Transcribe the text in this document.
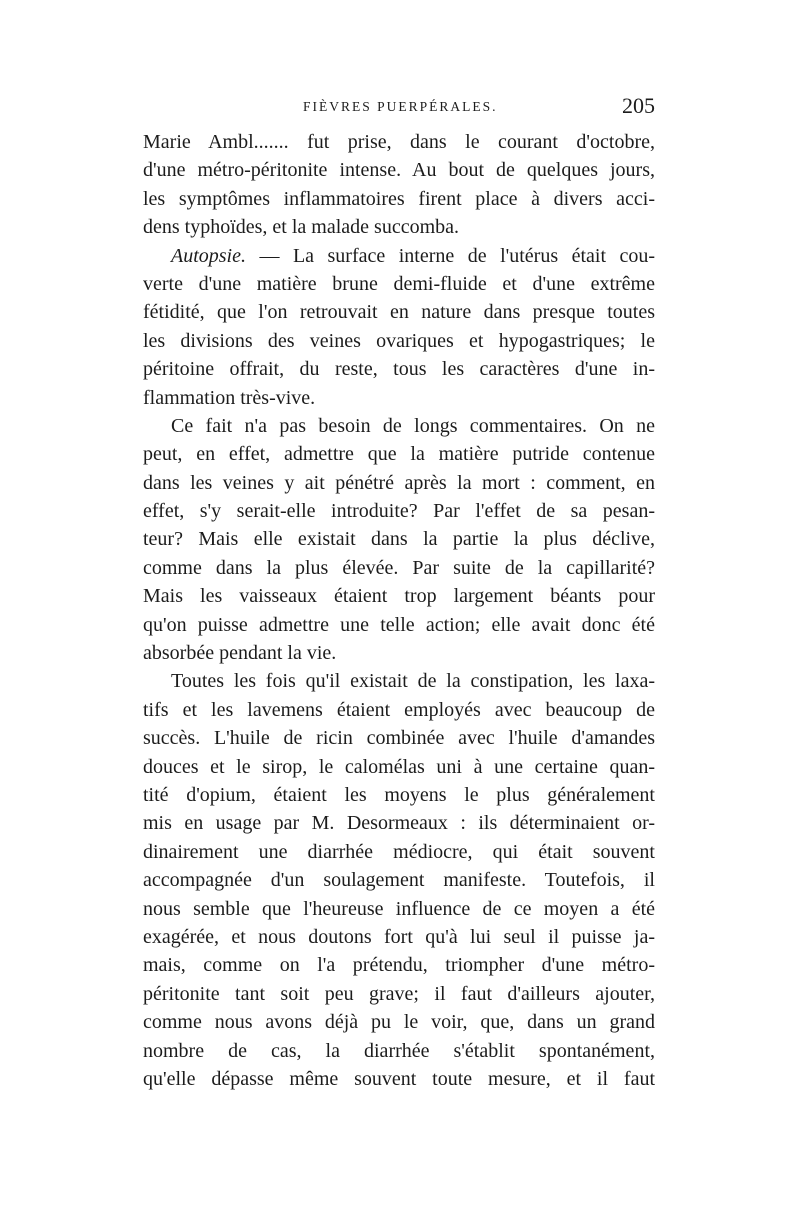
FIÈVRES PUERPÉRALES.	205
Marie Ambl....... fut prise, dans le courant d'octobre,
d'une métro-péritonite intense. Au bout de quelques jours,
les symptômes inflammatoires firent place à divers acci-
dens typhoïdes, et la malade succomba.
Autopsie. — La surface interne de l'utérus était cou-
verte d'une matière brune demi-fluide et d'une extrême
fétidité, que l'on retrouvait en nature dans presque toutes
les divisions des veines ovariques et hypogastriques; le
péritoine offrait, du reste, tous les caractères d'une in-
flammation très-vive.
Ce fait n'a pas besoin de longs commentaires. On ne
peut, en effet, admettre que la matière putride contenue
dans les veines y ait pénétré après la mort : comment, en
effet, s'y serait-elle introduite? Par l'effet de sa pesan-
teur? Mais elle existait dans la partie la plus déclive,
comme dans la plus élevée. Par suite de la capillarité?
Mais les vaisseaux étaient trop largement béants pour
qu'on puisse admettre une telle action; elle avait donc été
absorbée pendant la vie.
Toutes les fois qu'il existait de la constipation, les laxa-
tifs et les lavemens étaient employés avec beaucoup de
succès. L'huile de ricin combinée avec l'huile d'amandes
douces et le sirop, le calomélas uni à une certaine quan-
tité d'opium, étaient les moyens le plus généralement
mis en usage par M. Desormeaux : ils déterminaient or-
dinairement une diarrhée médiocre, qui était souvent
accompagnée d'un soulagement manifeste. Toutefois, il
nous semble que l'heureuse influence de ce moyen a été
exagérée, et nous doutons fort qu'à lui seul il puisse ja-
mais, comme on l'a prétendu, triompher d'une métro-
péritonite tant soit peu grave; il faut d'ailleurs ajouter,
comme nous avons déjà pu le voir, que, dans un grand
nombre de cas, la diarrhée s'établit spontanément,
qu'elle dépasse même souvent toute mesure, et il faut
